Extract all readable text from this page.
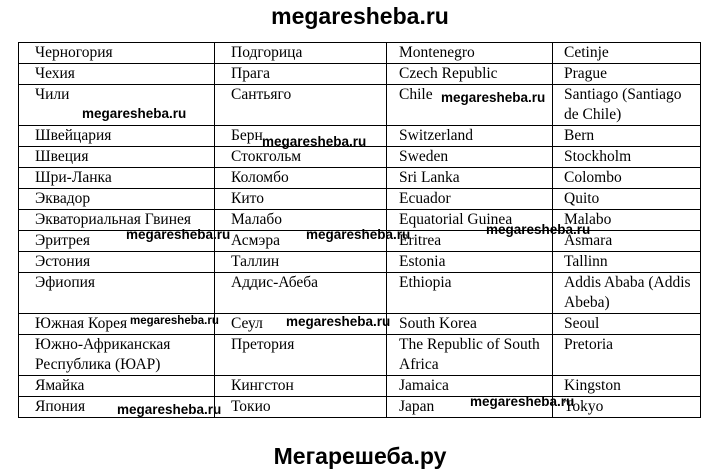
megaresheba.ru
Черногория	Подгорица	Montenegro	Cetinje
Чехия	Прага	Czech Republic	Prague
Чили	Сантьяго	Chile	Santiago (Santiago de Chile)
Швейцария	Берн	Switzerland	Bern
Швеция	Стокгольм	Sweden	Stockholm
Шри-Ланка	Коломбо	Sri Lanka	Colombo
Эквадор	Кито	Ecuador	Quito
Экваториальная Гвинея	Малабо	Equatorial Guinea	Malabo
Эритрея	Асмэра	Eritrea	Asmara
Эстония	Таллин	Estonia	Tallinn
Эфиопия	Аддис-Абеба	Ethiopia	Addis Ababa (Addis Abeba)
Южная Корея	Сеул	South Korea	Seoul
Южно-Африканская Республика (ЮАР)	Претория	The Republic of South Africa	Pretoria
Ямайка	Кингстон	Jamaica	Kingston
Япония	Токио	Japan	Tokyo
megaresheba.ru
megaresheba.ru
megaresheba.ru
megaresheba.ru	megaresheba.ru	megaresheba.ru
megaresheba.ru	megaresheba.ru
megaresheba.ru
megaresheba.ru
Мегарешеба.ру
